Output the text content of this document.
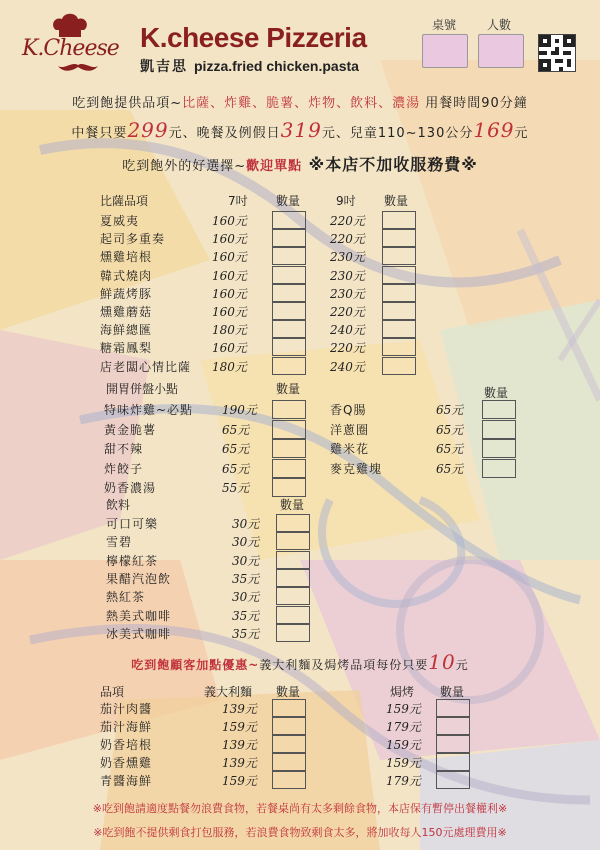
K.Cheese K.cheese Pizzeria
凱吉思 pizza.fried chicken.pasta
桌號	人數
吃到飽提供品項~比薩、炸雞、脆薯、炸物、飲料、濃湯 用餐時間90分鐘
中餐只要299元、晚餐及例假日319元、兒童110~130公分169元
吃到飽外的好選擇~歡迎單點 ※本店不加收服務費※
比薩品項	7吋 數量	9吋 數量
夏威夷	160元	220元
起司多重奏	160元	220元
燻雞培根	160元	230元
韓式燒肉	160元	230元
鮮蔬烤豚	160元	230元
燻雞蘑菇	160元	220元
海鮮總匯	180元	240元
糖霜鳳梨	160元	220元
店老闆心情比薩 180元	240元
開胃併盤小點	數量	數量
特味炸雞~必點 190元
黃金脆薯	65元
甜不辣	65元
炸餃子	65元
奶香濃湯	55元
香Q腸	65元
洋蔥圈	65元
雞米花	65元
麥克雞塊	65元
飲料	數量
可口可樂	30元
雪碧	30元
檸檬紅茶	30元
果醋汽泡飲	35元
熱紅茶	30元
熱美式咖啡	35元
冰美式咖啡	35元
吃到飽顧客加點優惠~義大利麵及焗烤品項每份只要10元
品項	義大利麵 數量	焗烤 數量
茄汁肉醬	139元	159元
茄汁海鮮	159元	179元
奶香培根	139元	159元
奶香燻雞	139元	159元
青醬海鮮	159元	179元
※吃到飽請適度點餐勿浪費食物，若餐桌尚有太多剩餘食物，本店保有暫停出餐權利※
※吃到飽不提供剩食打包服務，若浪費食物致剩食太多，將加收每人150元處理費用※
